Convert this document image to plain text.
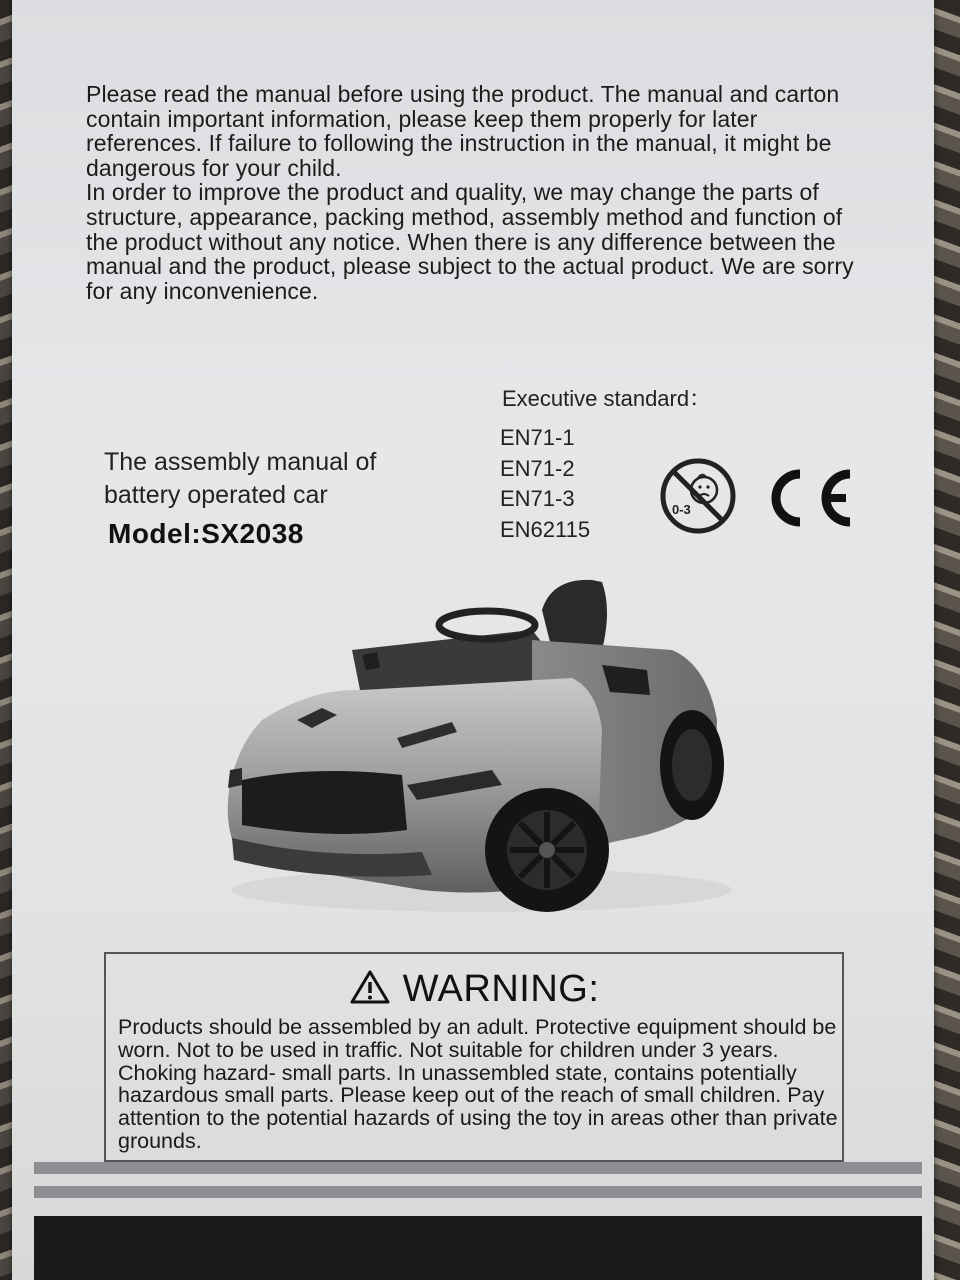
Please read the manual before using the product. The manual and carton contain important information, please keep them properly for later references. If failure to following the instruction in the manual, it might be dangerous for your child.

In order to improve the product and quality, we may change the parts of structure, appearance, packing method, assembly method and function of the product without any notice. When there is any difference between the manual and the product, please subject to the actual product. We are sorry for any inconvenience.

The assembly manual of

battery operated car

Model:SX2038

Executive standard：

EN71-1

EN71-2

EN71-3

EN62115

0-3
WARNING:
Products should be assembled by an adult. Protective equipment should be worn. Not to be used in traffic. Not suitable for children under 3 years. Choking hazard- small parts. In unassembled state, contains potentially hazardous small parts. Please keep out of the reach of small children. Pay attention to the potential hazards of using the toy in areas other than private grounds.
